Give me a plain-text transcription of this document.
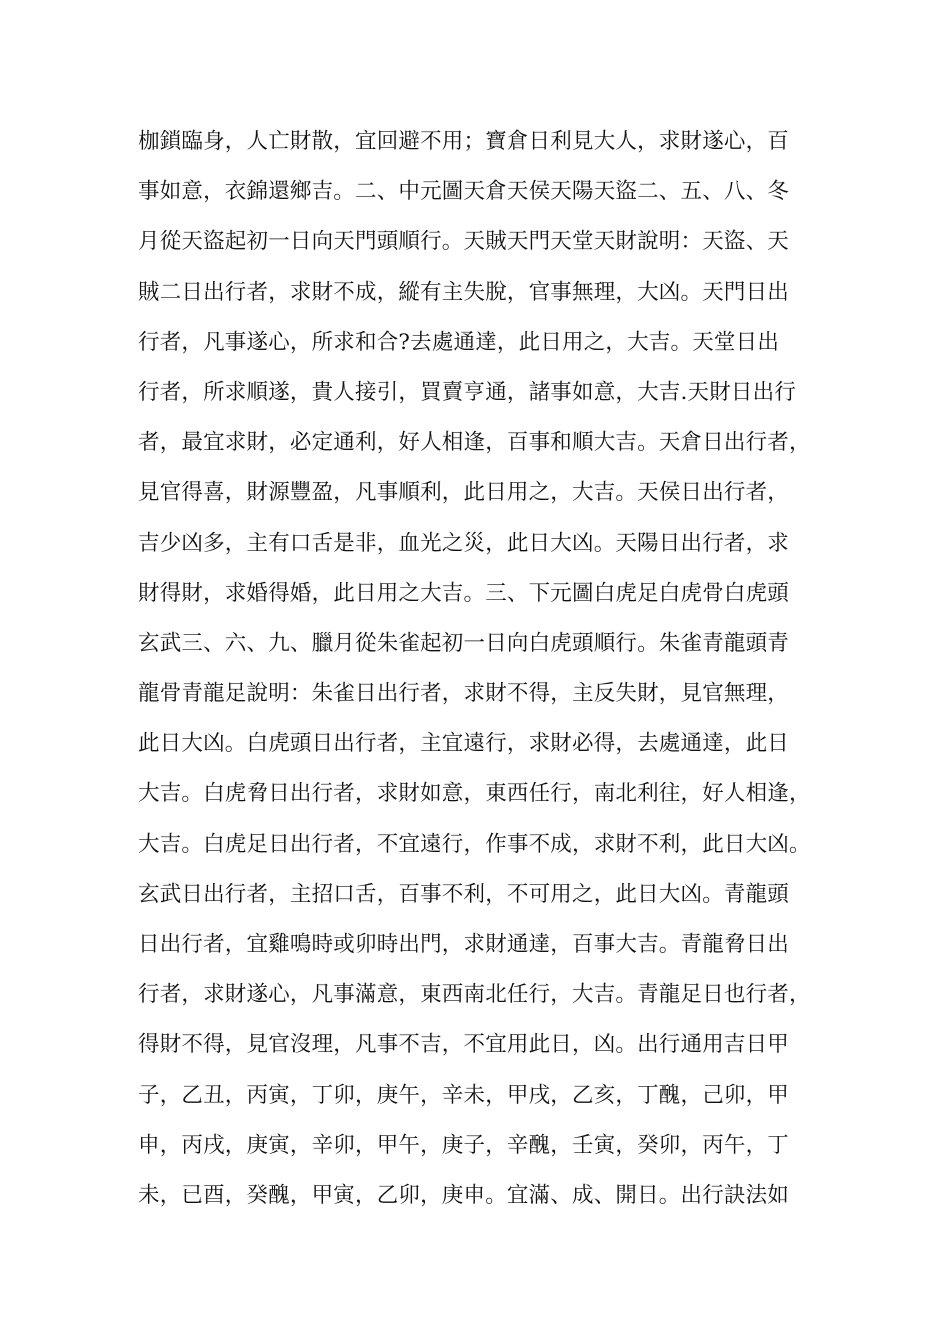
枷鎖臨身，人亡財散，宜回避不用；寶倉日利見大人，求財遂心，百
事如意，衣錦還鄉吉。二、中元圖天倉天侯天陽天盜二、五、八、冬
月從天盜起初一日向天門頭順行。天賊天門天堂天財說明：天盜、天
賊二日出行者，求財不成，縱有主失脫，官事無理，大凶。天門日出
行者，凡事遂心，所求和合?去處通達，此日用之，大吉。天堂日出
行者，所求順遂，貴人接引，買賣亨通，諸事如意，大吉.天財日出行
者，最宜求財，必定通利，好人相逢，百事和順大吉。天倉日出行者，
見官得喜，財源豐盈，凡事順利，此日用之，大吉。天侯日出行者，
吉少凶多，主有口舌是非，血光之災，此日大凶。天陽日出行者，求
財得財，求婚得婚，此日用之大吉。三、下元圖白虎足白虎骨白虎頭
玄武三、六、九、臘月從朱雀起初一日向白虎頭順行。朱雀青龍頭青
龍骨青龍足說明：朱雀日出行者，求財不得，主反失財，見官無理，
此日大凶。白虎頭日出行者，主宜遠行，求財必得，去處通達，此日
大吉。白虎脅日出行者，求財如意，東西任行，南北利往，好人相逢，
大吉。白虎足日出行者，不宜遠行，作事不成，求財不利，此日大凶。
玄武日出行者，主招口舌，百事不利，不可用之，此日大凶。青龍頭
日出行者，宜雞鳴時或卯時出門，求財通達，百事大吉。青龍脅日出
行者，求財遂心，凡事滿意，東西南北任行，大吉。青龍足日也行者，
得財不得，見官沒理，凡事不吉，不宜用此日，凶。出行通用吉日甲
子，乙丑，丙寅，丁卯，庚午，辛未，甲戌，乙亥，丁醜，己卯，甲
申，丙戌，庚寅，辛卯，甲午，庚子，辛醜，壬寅，癸卯，丙午，丁
未，已酉，癸醜，甲寅，乙卯，庚申。宜滿、成、開日。出行訣法如
